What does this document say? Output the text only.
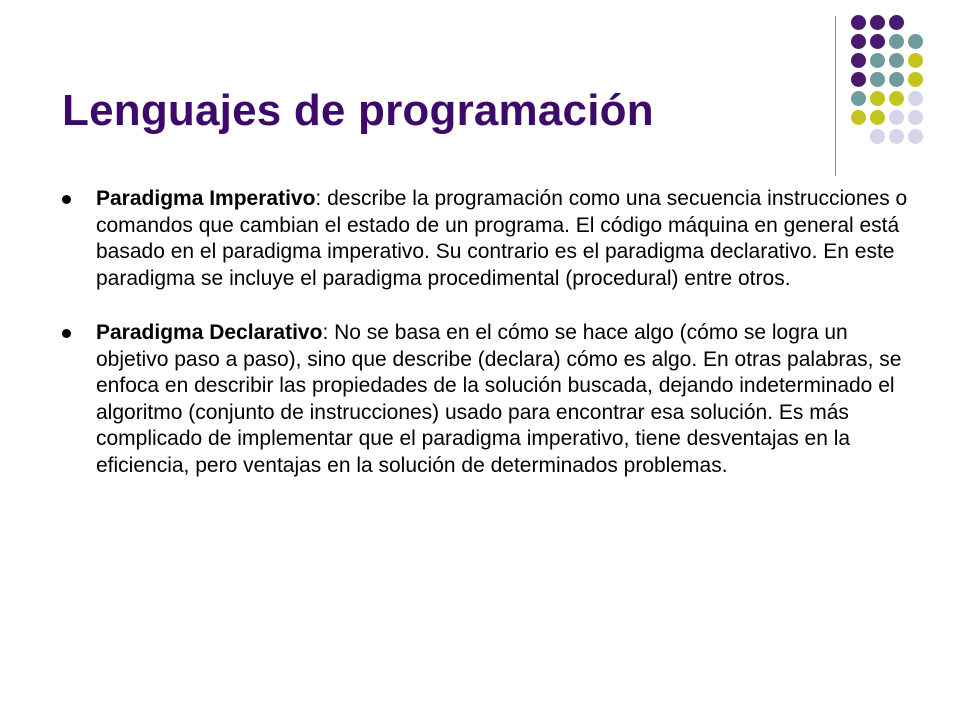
Lenguajes de programación

Paradigma Imperativo: describe la programación como una secuencia instrucciones o comandos que cambian el estado de un programa. El código máquina en general está basado en el paradigma imperativo. Su contrario es el paradigma declarativo. En este paradigma se incluye el paradigma procedimental (procedural) entre otros.

Paradigma Declarativo: No se basa en el cómo se hace algo (cómo se logra un objetivo paso a paso), sino que describe (declara) cómo es algo. En otras palabras, se enfoca en describir las propiedades de la solución buscada, dejando indeterminado el algoritmo (conjunto de instrucciones) usado para encontrar esa solución. Es más complicado de implementar que el paradigma imperativo, tiene desventajas en la eficiencia, pero ventajas en la solución de determinados problemas.
